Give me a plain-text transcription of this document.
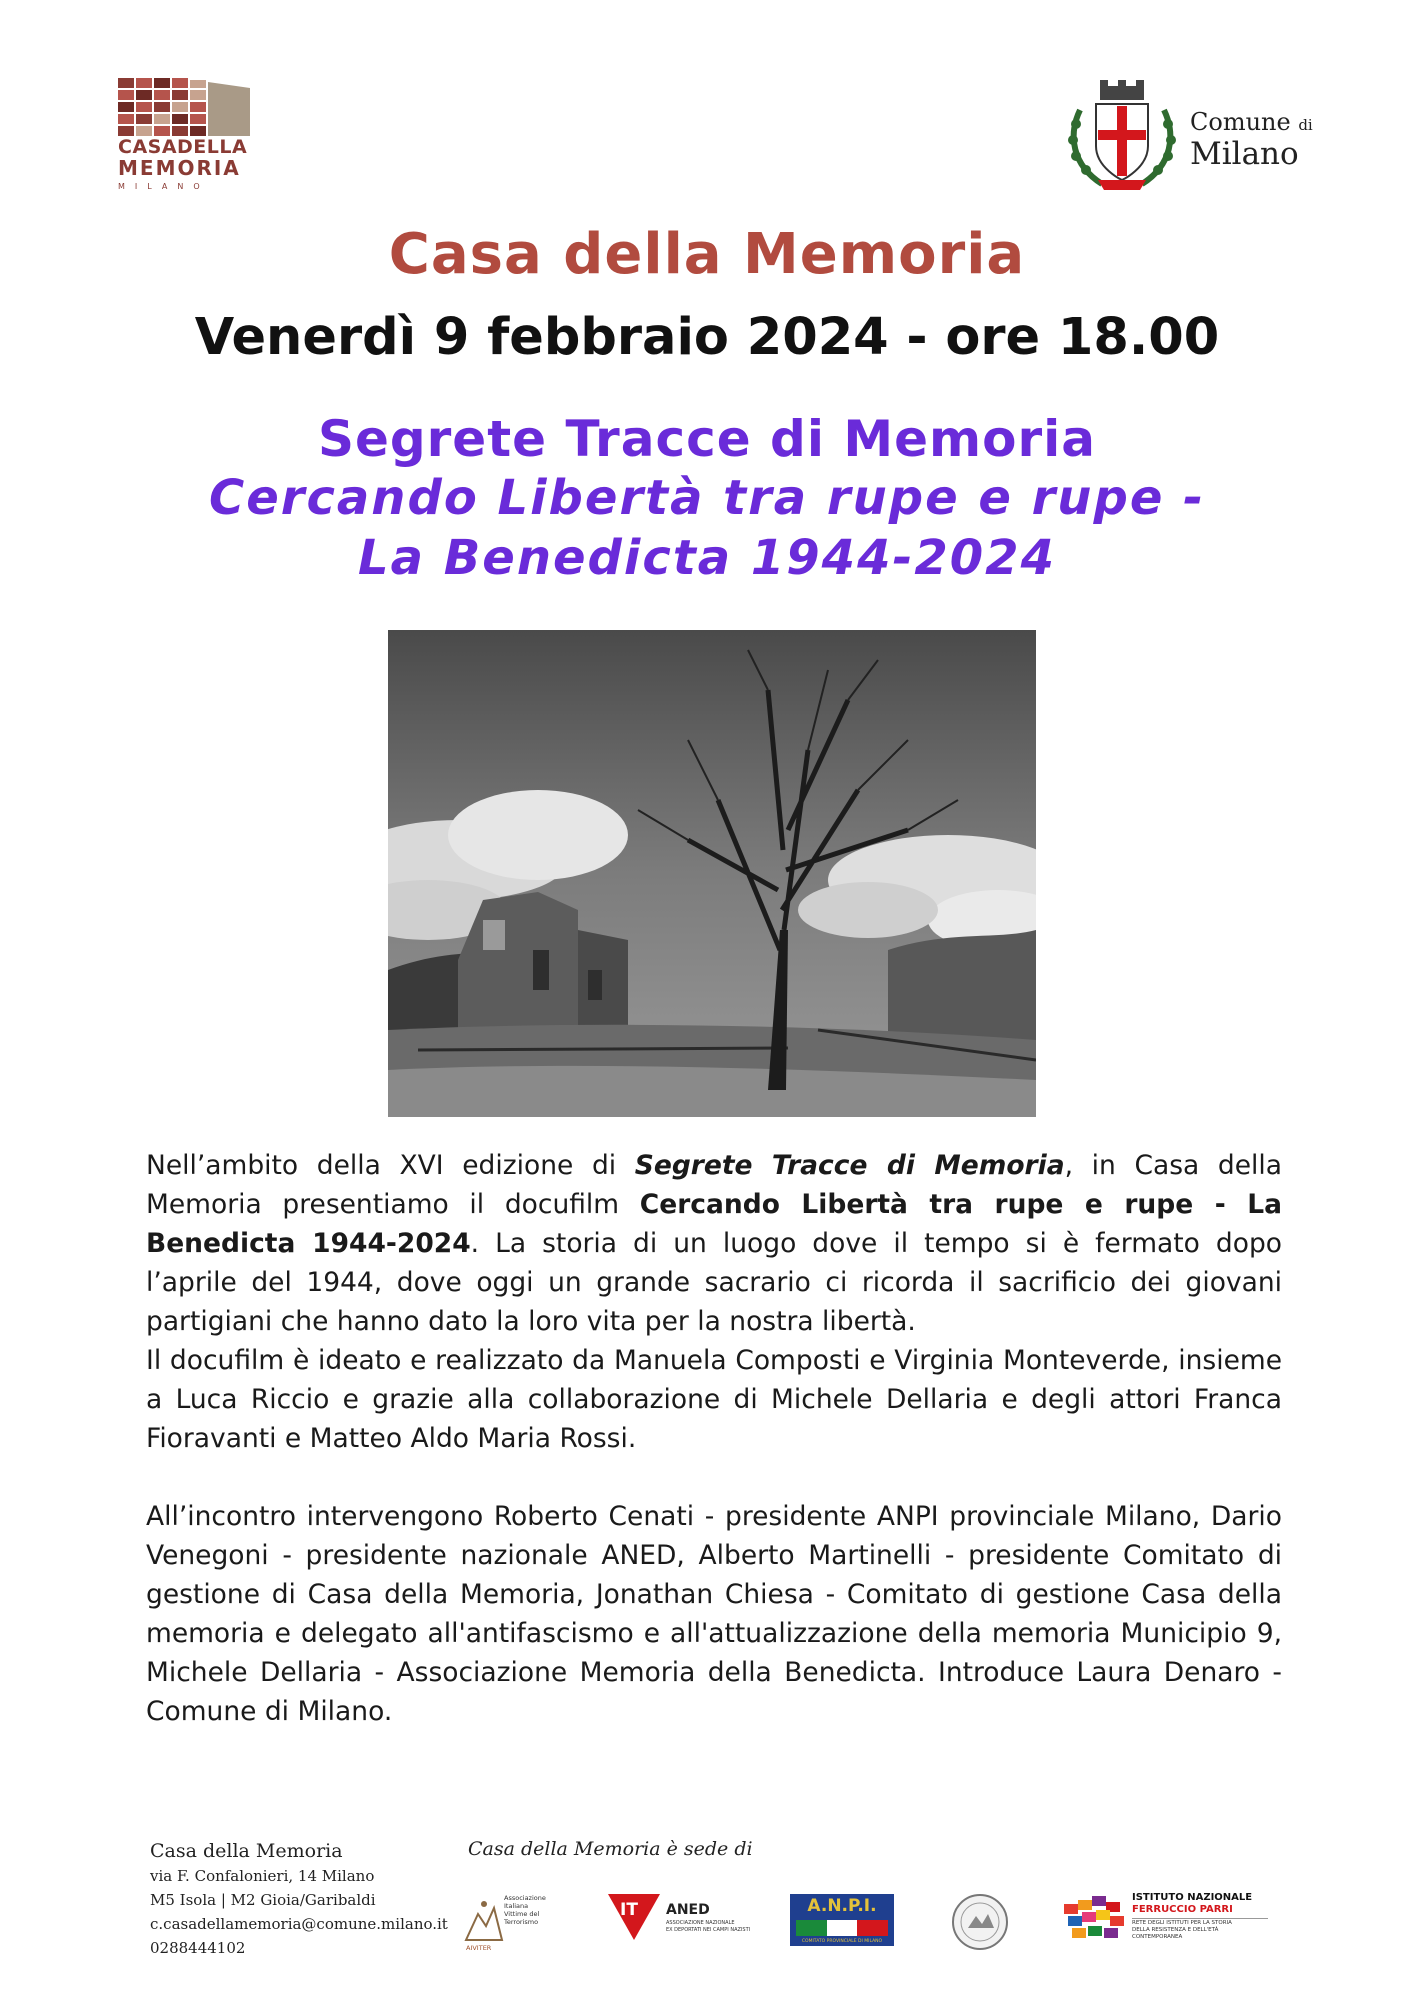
CASADELLA
MEMORIA
MILANO
Comune di
Milano
Casa della Memoria
Venerdì 9 febbraio 2024 - ore 18.00
Segrete Tracce di Memoria
Cercando Libertà tra rupe e rupe -
La Benedicta 1944-2024

Nell’ambito della XVI edizione di Segrete Tracce di Memoria, in Casa della Memoria presentiamo il docufilm Cercando Libertà tra rupe e rupe - La Benedicta 1944-2024. La storia di un luogo dove il tempo si è fermato dopo l’aprile del 1944, dove oggi un grande sacrario ci ricorda il sacrificio dei giovani partigiani che hanno dato la loro vita per la nostra libertà.

Il docufilm è ideato e realizzato da Manuela Composti e Virginia Monteverde, insieme a Luca Riccio e grazie alla collaborazione di Michele Dellaria e degli attori Franca Fioravanti e Matteo Aldo Maria Rossi.

All’incontro intervengono Roberto Cenati - presidente ANPI provinciale Milano, Dario Venegoni - presidente nazionale ANED, Alberto Martinelli - presidente Comitato di gestione di Casa della Memoria, Jonathan Chiesa - Comitato di gestione Casa della memoria e delegato all'antifascismo e all'attualizzazione della memoria Municipio 9, Michele Dellaria - Associazione Memoria della Benedicta. Introduce Laura Denaro - Comune di Milano.

Casa della Memoria
via F. Confalonieri, 14 Milano
M5 Isola | M2 Gioia/Garibaldi
c.casadellamemoria@comune.milano.it
0288444102
Casa della Memoria è sede di
Associazione
Italiana
Vittime del
Terrorismo
AIVITER
IT ANED
ASSOCIAZIONE NAZIONALE
EX DEPORTATI NEI CAMPI NAZISTI
A.N.P.I.
COMITATO PROVINCIALE DI MILANO
ISTITUTO NAZIONALE
FERRUCCIO PARRI
RETE DEGLI ISTITUTI PER LA STORIA
DELLA RESISTENZA E DELL'ETÀ
CONTEMPORANEA
